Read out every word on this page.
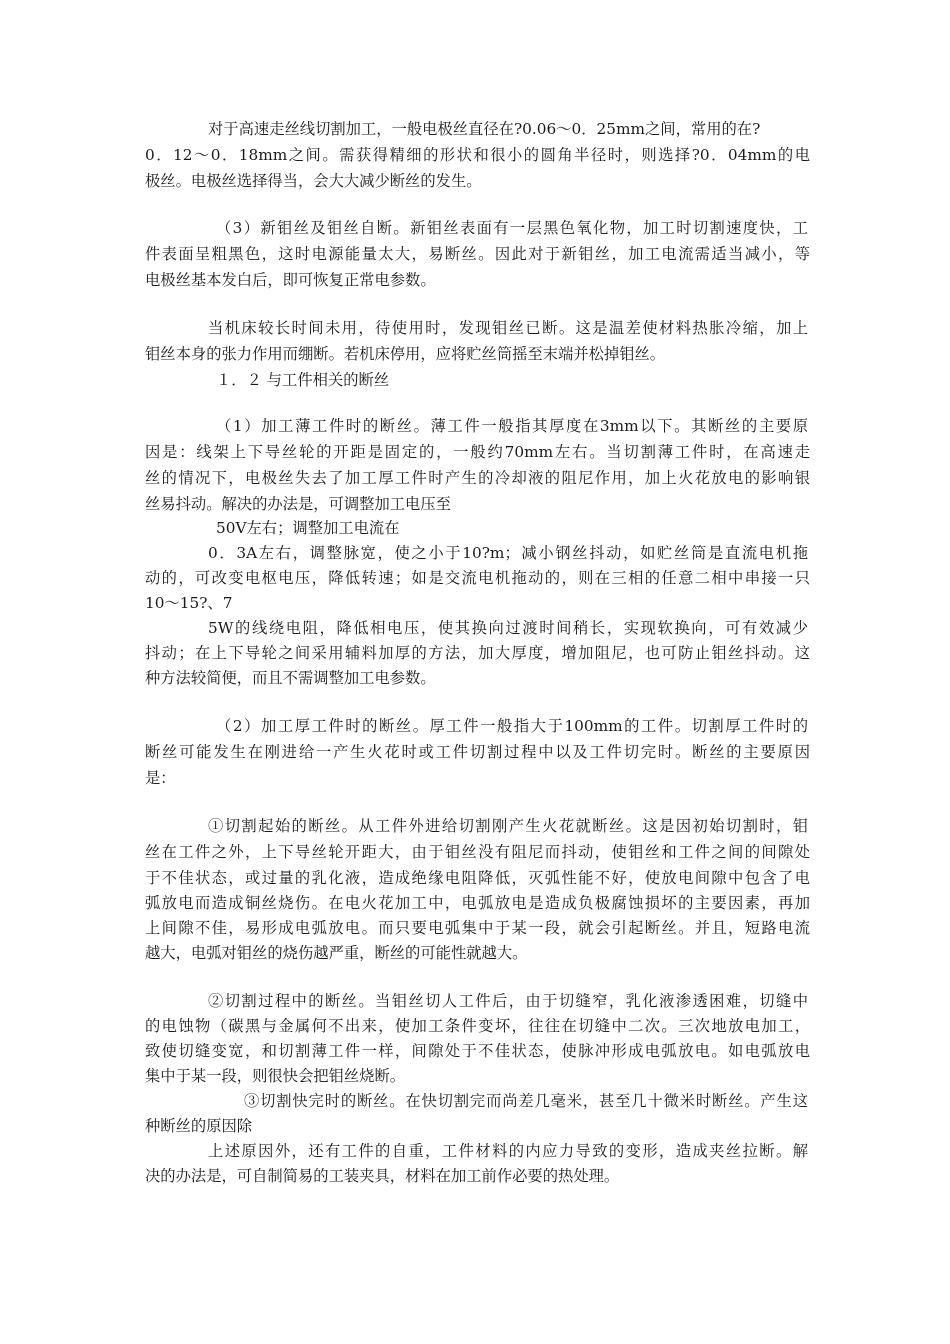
对于高速走丝线切割加工，一般电极丝直径在?0.06～0．25mm之间，常用的在?
0．12～0．18mm之间。需获得精细的形状和很小的圆角半径时，则选择?0．04mm的电
极丝。电极丝选择得当，会大大减少断丝的发生。
（3）新钼丝及钼丝自断。新钼丝表面有一层黑色氧化物，加工时切割速度快，工
件表面呈粗黑色，这时电源能量太大，易断丝。因此对于新钼丝，加工电流需适当减小，等
电极丝基本发白后，即可恢复正常电参数。
当机床较长时间未用，待使用时，发现钼丝已断。这是温差使材料热胀冷缩，加上
钼丝本身的张力作用而绷断。若机床停用，应将贮丝筒摇至末端并松掉钼丝。
１．２ 与工件相关的断丝
（1）加工薄工件时的断丝。薄工件一般指其厚度在3mm以下。其断丝的主要原
因是：线架上下导丝轮的开距是固定的，一般约70mm左右。当切割薄工件时，在高速走
丝的情况下，电极丝失去了加工厚工件时产生的冷却液的阻尼作用，加上火花放电的影响银
丝易抖动。解决的办法是，可调整加工电压至
50V左右；调整加工电流在
0．3A左右，调整脉宽，使之小于10?m；减小钢丝抖动，如贮丝筒是直流电机拖
动的，可改变电枢电压，降低转速；如是交流电机拖动的，则在三相的任意二相中串接一只
10～15?、7
5W的线绕电阻，降低相电压，使其换向过渡时间稍长，实现软换向，可有效减少
抖动；在上下导轮之间采用辅料加厚的方法，加大厚度，增加阻尼，也可防止钼丝抖动。这
种方法较简便，而且不需调整加工电参数。
（2）加工厚工件时的断丝。厚工件一般指大于100mm的工件。切割厚工件时的
断丝可能发生在刚进给一产生火花时或工件切割过程中以及工件切完时。断丝的主要原因
是：
①切割起始的断丝。从工件外进给切割刚产生火花就断丝。这是因初始切割时，钼
丝在工件之外，上下导丝轮开距大，由于钼丝没有阻尼而抖动，使钼丝和工件之间的间隙处
于不佳状态，或过量的乳化液，造成绝缘电阻降低，灭弧性能不好，使放电间隙中包含了电
弧放电而造成铜丝烧伤。在电火花加工中，电弧放电是造成负极腐蚀损坏的主要因素，再加
上间隙不佳，易形成电弧放电。而只要电弧集中于某一段，就会引起断丝。并且，短路电流
越大，电弧对钼丝的烧伤越严重，断丝的可能性就越大。
②切割过程中的断丝。当钼丝切人工件后，由于切缝窄，乳化液渗透困难，切缝中
的电蚀物（碳黑与金属何不出来，使加工条件变坏，往往在切缝中二次。三次地放电加工，
致使切缝变宽，和切割薄工件一样，间隙处于不佳状态，使脉冲形成电弧放电。如电弧放电
集中于某一段，则很快会把钼丝烧断。
③切割快完时的断丝。在快切割完而尚差几毫米，甚至几十微米时断丝。产生这
种断丝的原因除
上述原因外，还有工件的自重，工件材料的内应力导致的变形，造成夹丝拉断。解
决的办法是，可自制简易的工装夹具，材料在加工前作必要的热处理。
